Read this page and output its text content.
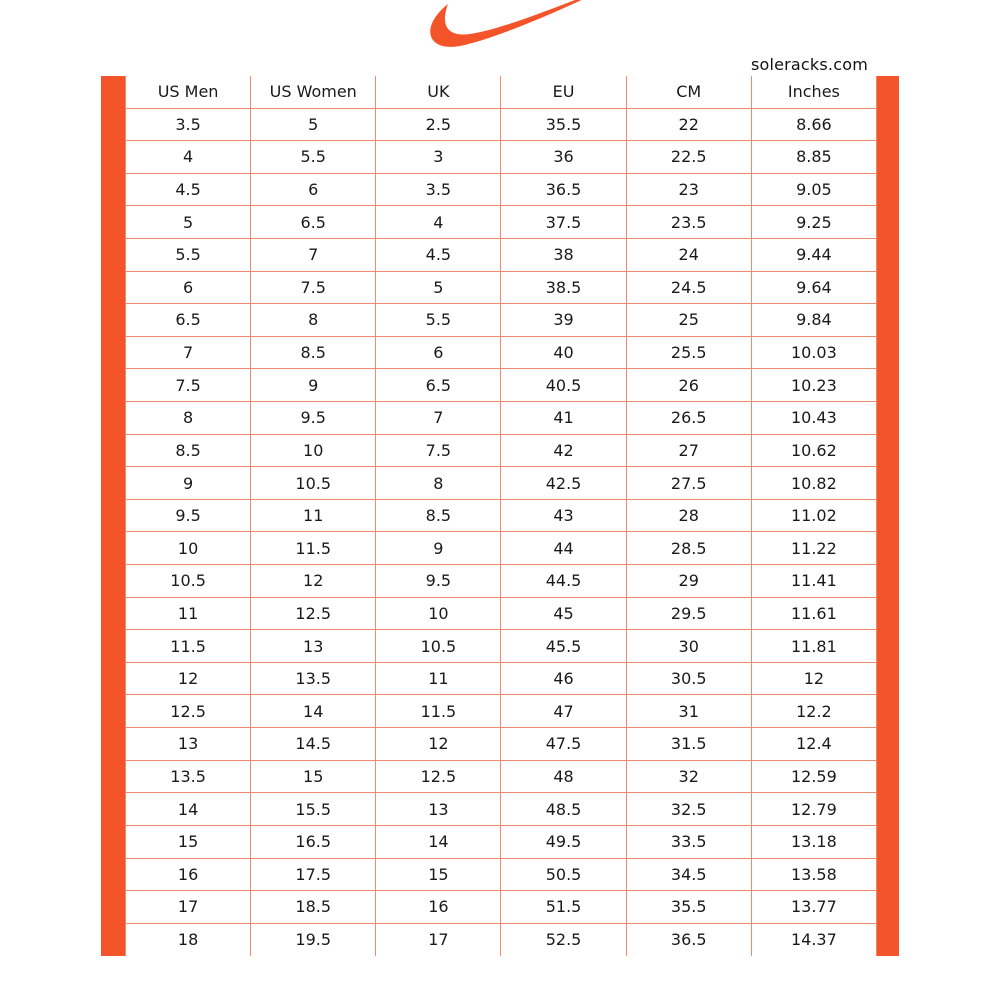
soleracks.com
US Men	US Women	UK	EU	CM	Inches
3.5	5	2.5	35.5	22	8.66
4	5.5	3	36	22.5	8.85
4.5	6	3.5	36.5	23	9.05
5	6.5	4	37.5	23.5	9.25
5.5	7	4.5	38	24	9.44
6	7.5	5	38.5	24.5	9.64
6.5	8	5.5	39	25	9.84
7	8.5	6	40	25.5	10.03
7.5	9	6.5	40.5	26	10.23
8	9.5	7	41	26.5	10.43
8.5	10	7.5	42	27	10.62
9	10.5	8	42.5	27.5	10.82
9.5	11	8.5	43	28	11.02
10	11.5	9	44	28.5	11.22
10.5	12	9.5	44.5	29	11.41
11	12.5	10	45	29.5	11.61
11.5	13	10.5	45.5	30	11.81
12	13.5	11	46	30.5	12
12.5	14	11.5	47	31	12.2
13	14.5	12	47.5	31.5	12.4
13.5	15	12.5	48	32	12.59
14	15.5	13	48.5	32.5	12.79
15	16.5	14	49.5	33.5	13.18
16	17.5	15	50.5	34.5	13.58
17	18.5	16	51.5	35.5	13.77
18	19.5	17	52.5	36.5	14.37
